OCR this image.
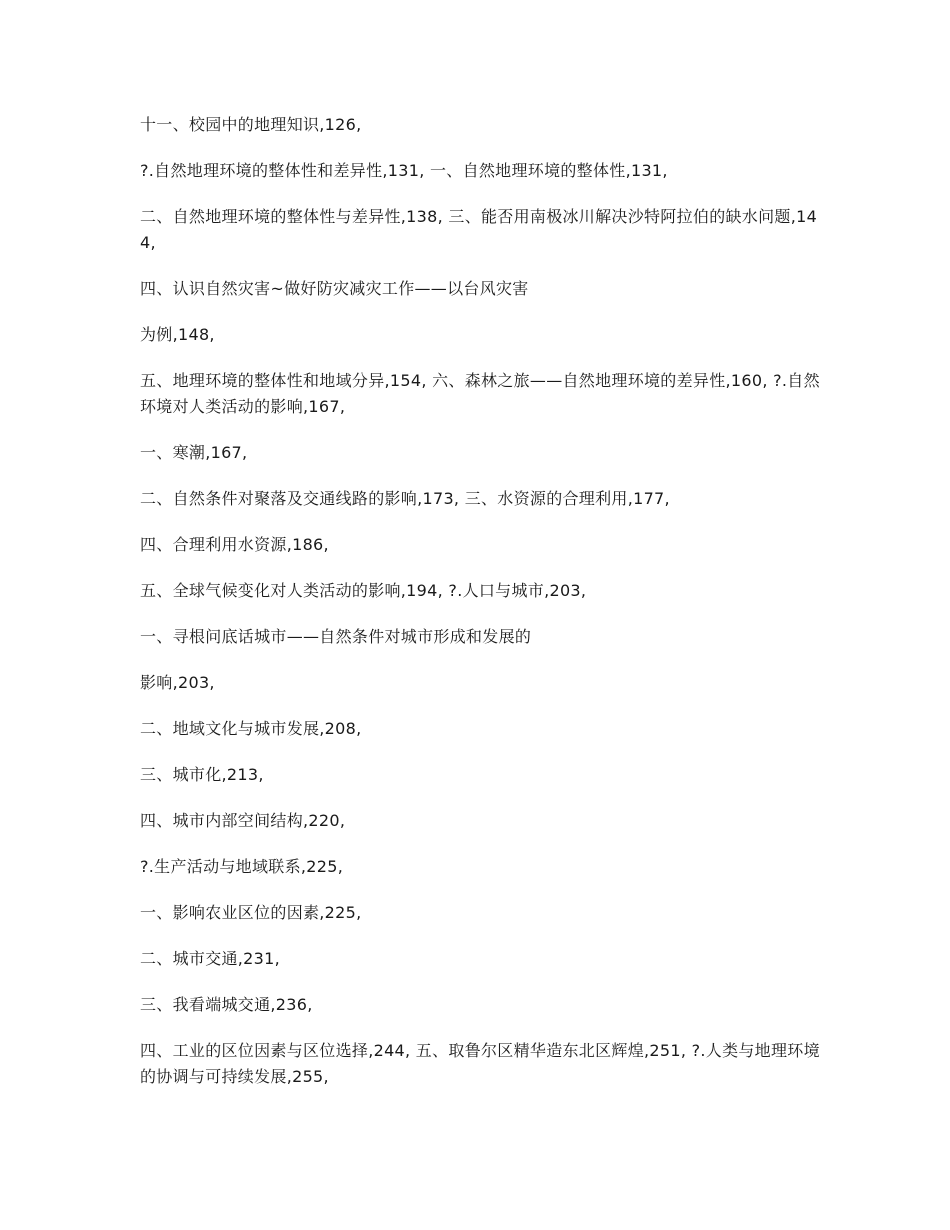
十一、校园中的地理知识,126,

?.自然地理环境的整体性和差异性,131, 一、自然地理环境的整体性,131,

二、自然地理环境的整体性与差异性,138, 三、能否用南极冰川解决沙特阿拉伯的缺水问题,144,

四、认识自然灾害~做好防灾减灾工作——以台风灾害

为例,148,

五、地理环境的整体性和地域分异,154, 六、森林之旅——自然地理环境的差异性,160, ?.自然环境对人类活动的影响,167,

一、寒潮,167,

二、自然条件对聚落及交通线路的影响,173, 三、水资源的合理利用,177,

四、合理利用水资源,186,

五、全球气候变化对人类活动的影响,194, ?.人口与城市,203,

一、寻根问底话城市——自然条件对城市形成和发展的

影响,203,

二、地域文化与城市发展,208,

三、城市化,213,

四、城市内部空间结构,220,

?.生产活动与地域联系,225,

一、影响农业区位的因素,225,

二、城市交通,231,

三、我看端城交通,236,

四、工业的区位因素与区位选择,244, 五、取鲁尔区精华造东北区辉煌,251, ?.人类与地理环境的协调与可持续发展,255,
